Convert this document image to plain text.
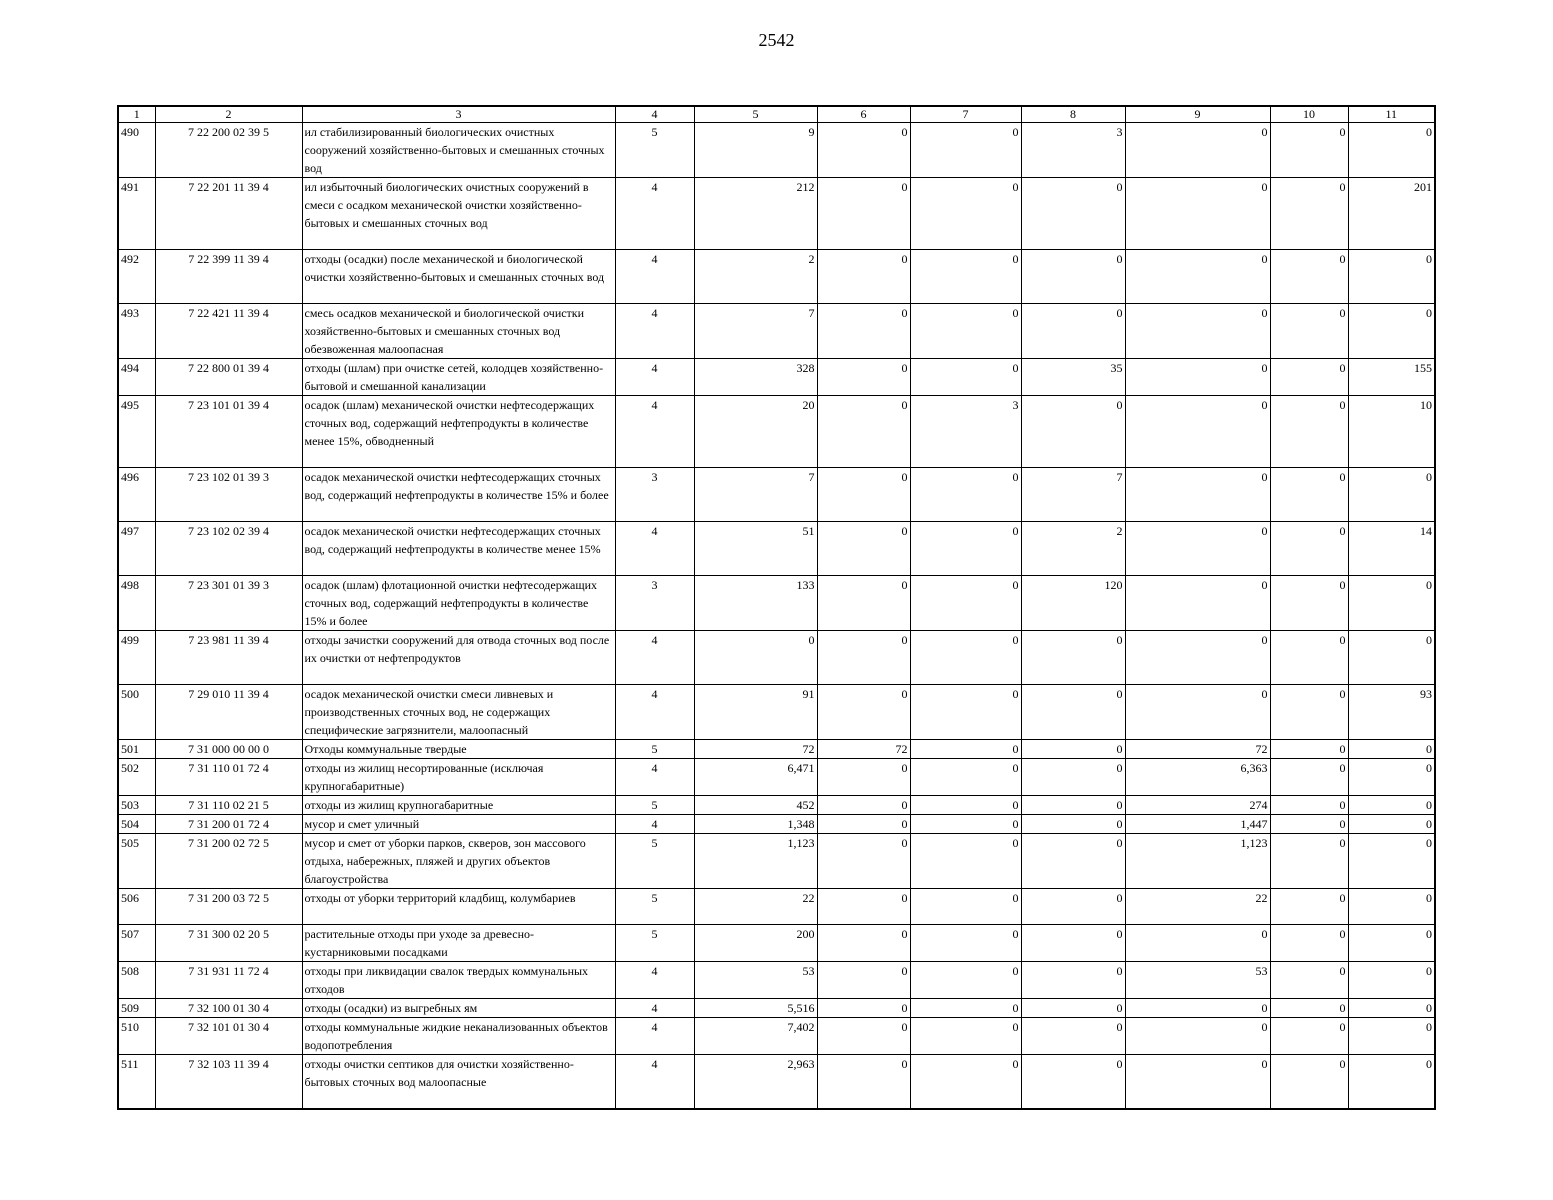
2542
1	2	3	4	5	6	7	8	9	10	11
490	7 22 200 02 39 5	ил стабилизированный биологических очистных сооружений хозяйственно-бытовых и смешанных сточных вод	5	9	0	0	3	0	0	0
491	7 22 201 11 39 4	ил избыточный биологических очистных сооружений в смеси с осадком механической очистки хозяйственно-бытовых и смешанных сточных вод	4	212	0	0	0	0	0	201
492	7 22 399 11 39 4	отходы (осадки) после механической и биологической очистки хозяйственно-бытовых и смешанных сточных вод	4	2	0	0	0	0	0	0
493	7 22 421 11 39 4	смесь осадков механической и биологической очистки хозяйственно-бытовых и смешанных сточных вод обезвоженная малоопасная	4	7	0	0	0	0	0	0
494	7 22 800 01 39 4	отходы (шлам) при очистке сетей, колодцев хозяйственно-бытовой и смешанной канализации	4	328	0	0	35	0	0	155
495	7 23 101 01 39 4	осадок (шлам) механической очистки нефтесодержащих сточных вод, содержащий нефтепродукты в количестве менее 15%, обводненный	4	20	0	3	0	0	0	10
496	7 23 102 01 39 3	осадок механической очистки нефтесодержащих сточных вод, содержащий нефтепродукты в количестве 15% и более	3	7	0	0	7	0	0	0
497	7 23 102 02 39 4	осадок механической очистки нефтесодержащих сточных вод, содержащий нефтепродукты в количестве менее 15%	4	51	0	0	2	0	0	14
498	7 23 301 01 39 3	осадок (шлам) флотационной очистки нефтесодержащих сточных вод, содержащий нефтепродукты в количестве 15% и более	3	133	0	0	120	0	0	0
499	7 23 981 11 39 4	отходы зачистки сооружений для отвода сточных вод после их очистки от нефтепродуктов	4	0	0	0	0	0	0	0
500	7 29 010 11 39 4	осадок механической очистки смеси ливневых и производственных сточных вод, не содержащих специфические загрязнители, малоопасный	4	91	0	0	0	0	0	93
501	7 31 000 00 00 0	Отходы коммунальные твердые	5	72	72	0	0	72	0	0
502	7 31 110 01 72 4	отходы из жилищ несортированные (исключая крупногабаритные)	4	6,471	0	0	0	6,363	0	0
503	7 31 110 02 21 5	отходы из жилищ крупногабаритные	5	452	0	0	0	274	0	0
504	7 31 200 01 72 4	мусор и смет уличный	4	1,348	0	0	0	1,447	0	0
505	7 31 200 02 72 5	мусор и смет от уборки парков, скверов, зон массового отдыха, набережных, пляжей и других объектов благоустройства	5	1,123	0	0	0	1,123	0	0
506	7 31 200 03 72 5	отходы от уборки территорий кладбищ, колумбариев	5	22	0	0	0	22	0	0
507	7 31 300 02 20 5	растительные отходы при уходе за древесно-кустарниковыми посадками	5	200	0	0	0	0	0	0
508	7 31 931 11 72 4	отходы при ликвидации свалок твердых коммунальных отходов	4	53	0	0	0	53	0	0
509	7 32 100 01 30 4	отходы (осадки) из выгребных ям	4	5,516	0	0	0	0	0	0
510	7 32 101 01 30 4	отходы коммунальные жидкие неканализованных объектов водопотребления	4	7,402	0	0	0	0	0	0
511	7 32 103 11 39 4	отходы очистки септиков для очистки хозяйственно-бытовых сточных вод малоопасные	4	2,963	0	0	0	0	0	0
